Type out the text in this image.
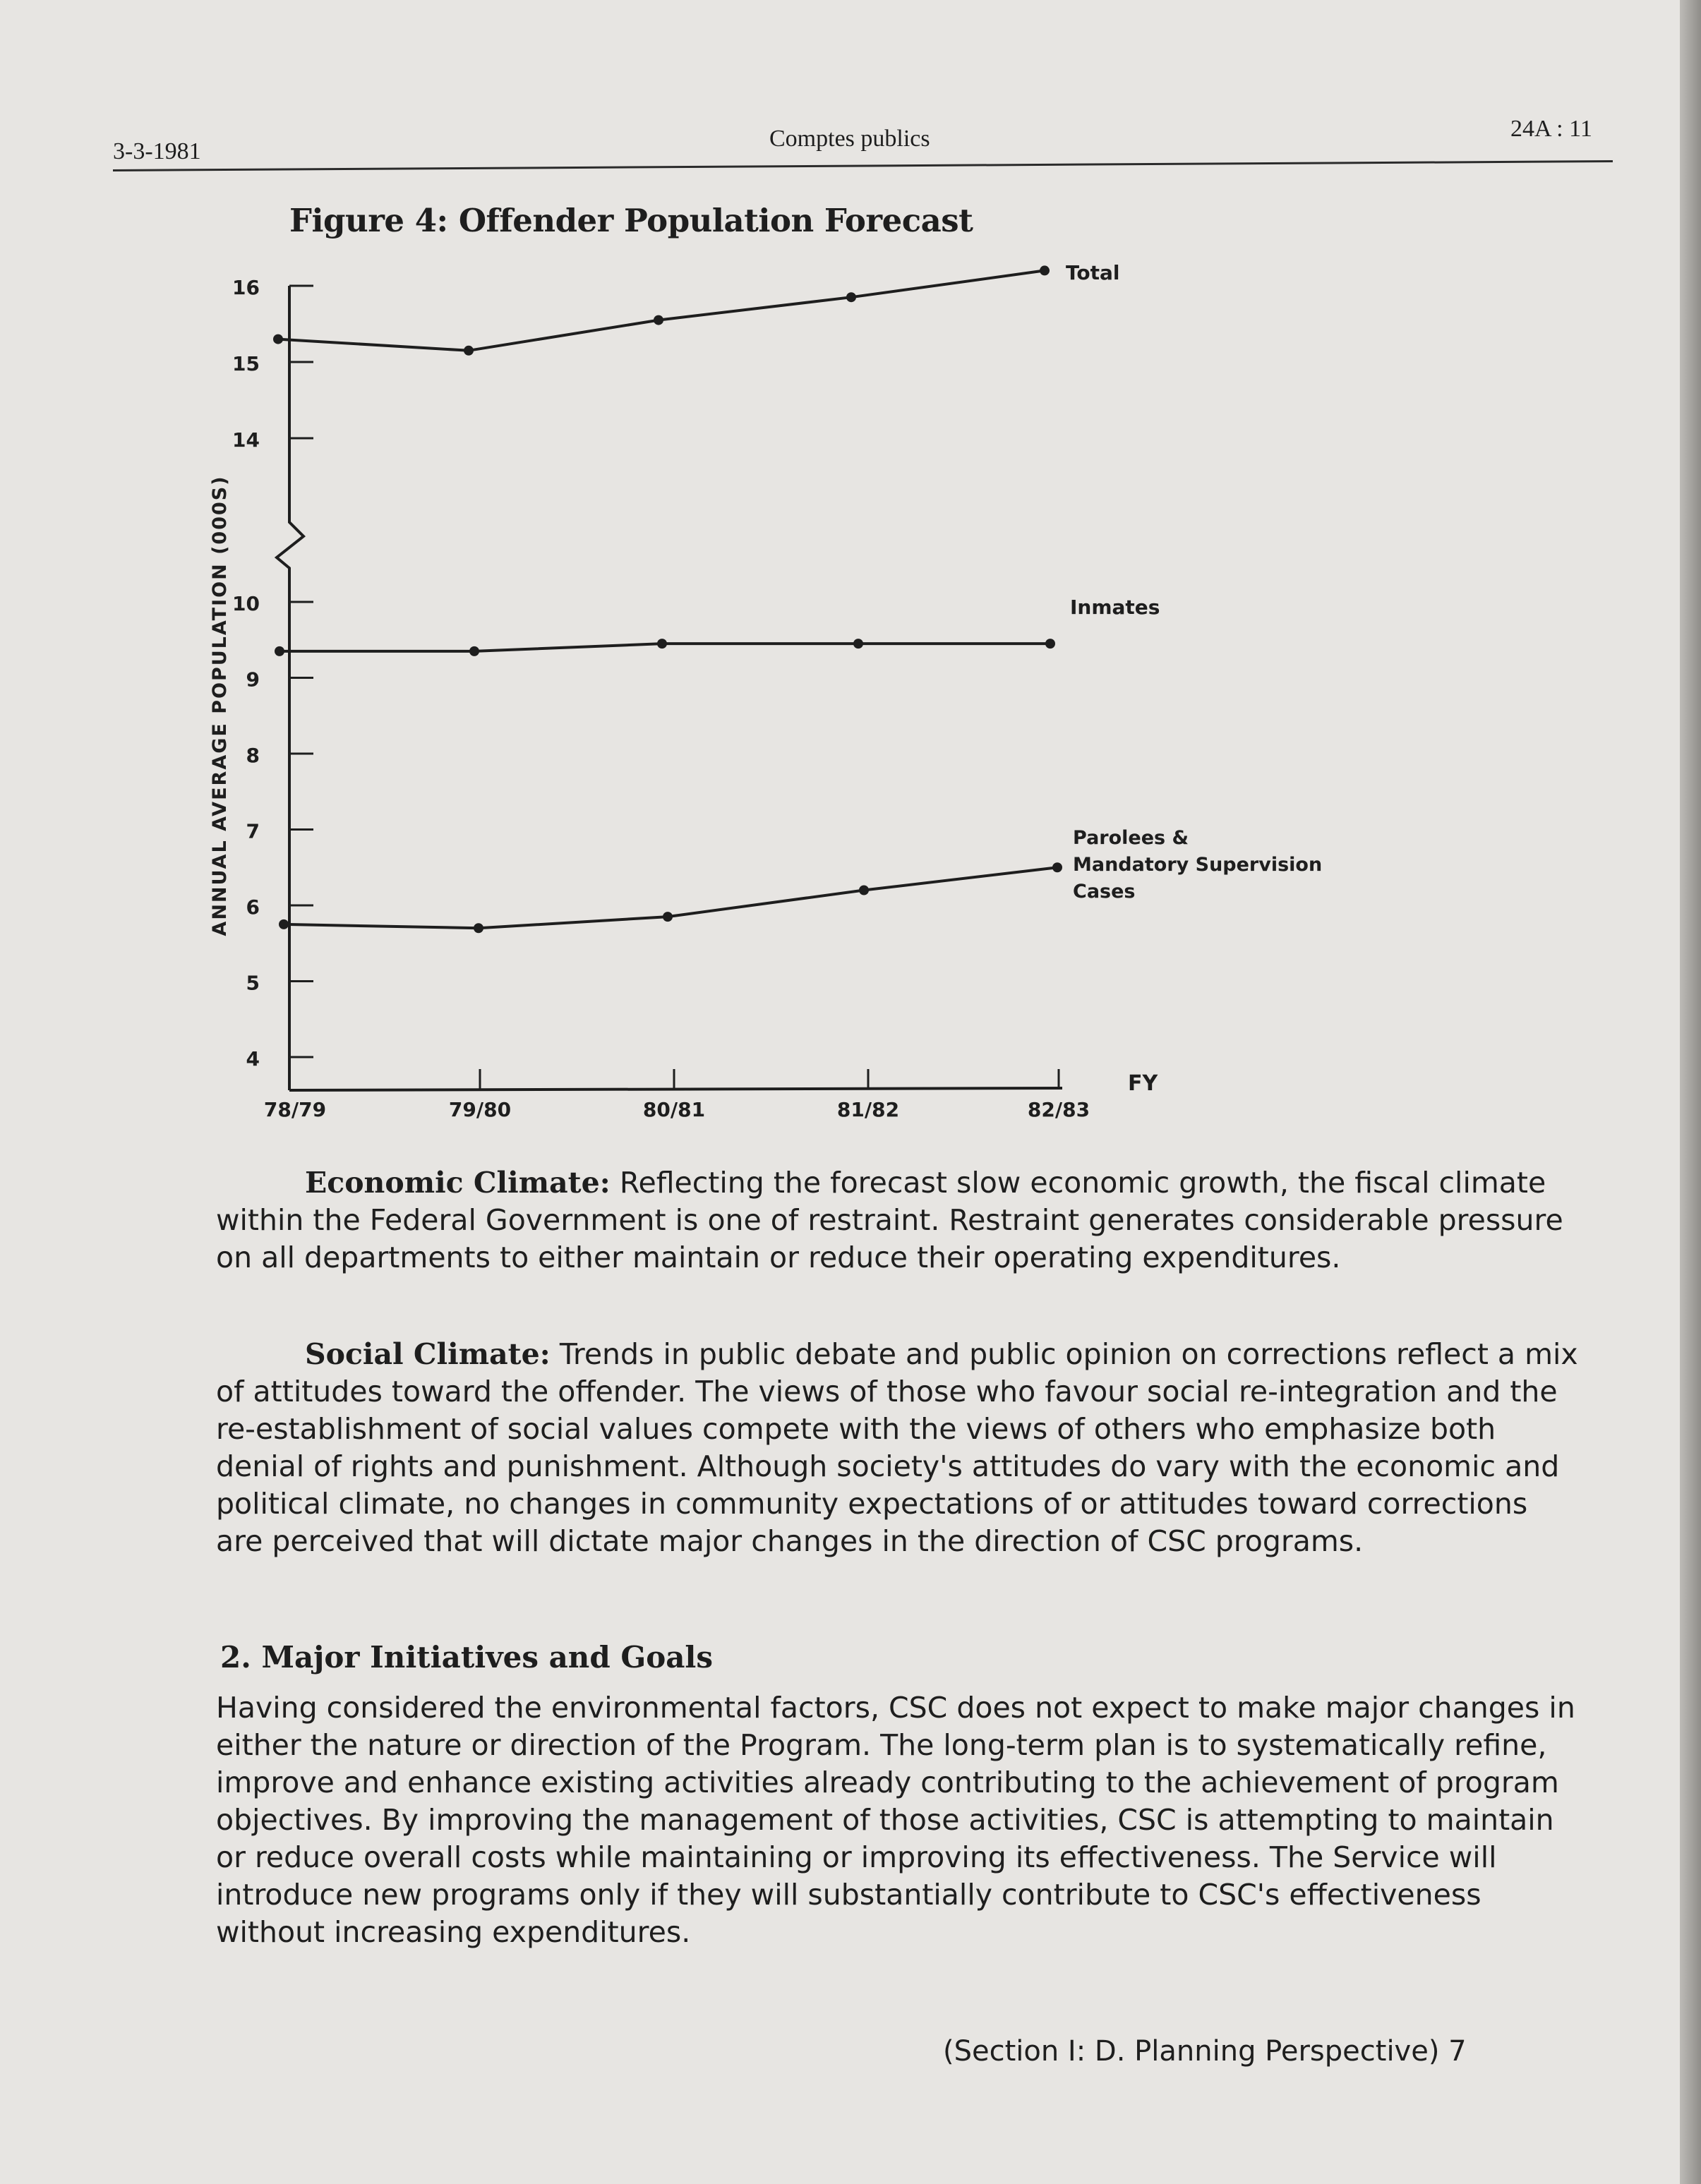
3-3-1981	Comptes publics	24A : 11
Figure 4: Offender Population Forecast
14
15
16
4
5
6
7
8
9
10
78/79	79/80	80/81	81/82	82/83
FY
ANNUAL AVERAGE POPULATION (000S)
Total
Inmates
Parolees &
Mandatory Supervision
Cases

Economic Climate: Reflecting the forecast slow economic growth, the fiscal climate within the Federal Government is one of restraint. Restraint generates considerable pressure on all departments to either maintain or reduce their operating expenditures.

Social Climate: Trends in public debate and public opinion on corrections reflect a mix of attitudes toward the offender. The views of those who favour social re-integration and the re-establishment of social values compete with the views of others who emphasize both denial of rights and punishment. Although society's attitudes do vary with the economic and political climate, no changes in community expectations of or attitudes toward corrections are perceived that will dictate major changes in the direction of CSC programs.

2. Major Initiatives and Goals

Having considered the environmental factors, CSC does not expect to make major changes in either the nature or direction of the Program. The long-term plan is to systematically refine, improve and enhance existing activities already contributing to the achievement of program objectives. By improving the management of those activities, CSC is attempting to maintain or reduce overall costs while maintaining or improving its effectiveness. The Service will introduce new programs only if they will substantially contribute to CSC's effectiveness without increasing expenditures.

(Section I: D. Planning Perspective) 7
